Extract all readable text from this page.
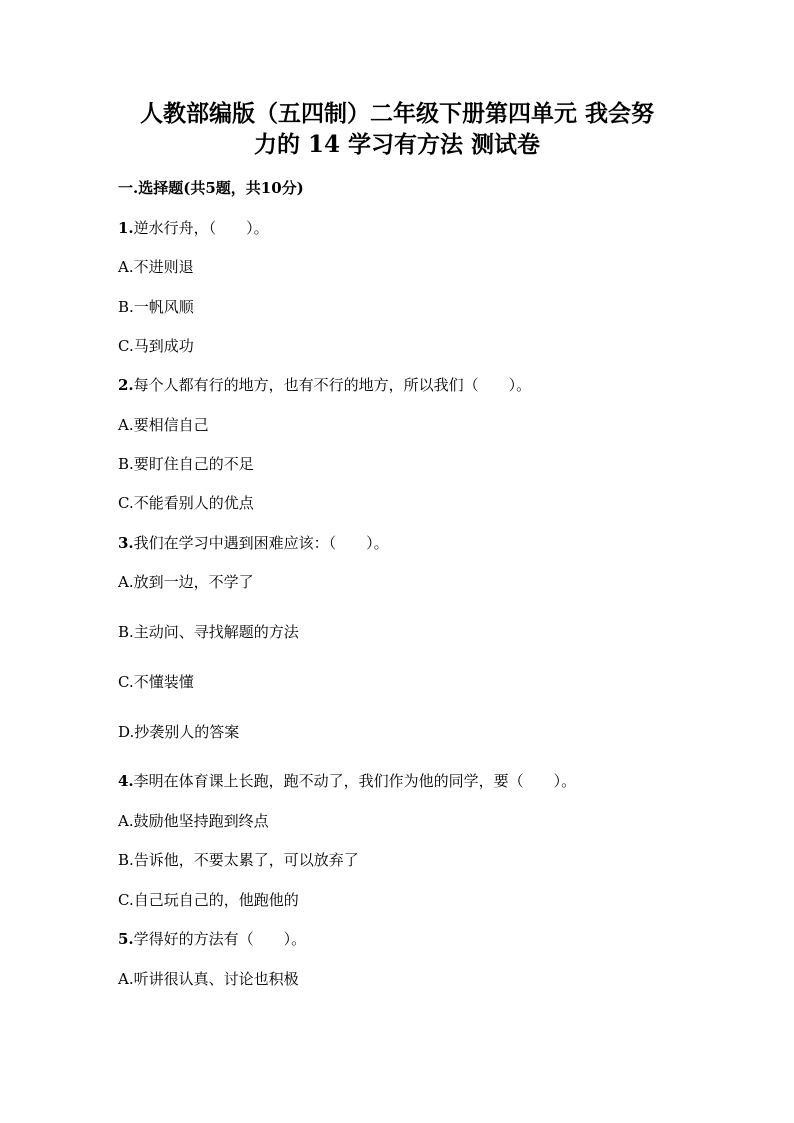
人教部编版（五四制）二年级下册第四单元 我会努
力的 14 学习有方法 测试卷
一.选择题(共5题，共10分)
1.逆水行舟，（　　）。
A.不进则退
B.一帆风顺
C.马到成功
2.每个人都有行的地方，也有不行的地方，所以我们（　　）。
A.要相信自己
B.要盯住自己的不足
C.不能看别人的优点
3.我们在学习中遇到困难应该：（　　）。
A.放到一边，不学了
B.主动问、寻找解题的方法
C.不懂装懂
D.抄袭别人的答案
4.李明在体育课上长跑，跑不动了，我们作为他的同学，要（　　）。
A.鼓励他坚持跑到终点
B.告诉他，不要太累了，可以放弃了
C.自己玩自己的，他跑他的
5.学得好的方法有（　　）。
A.听讲很认真、讨论也积极
